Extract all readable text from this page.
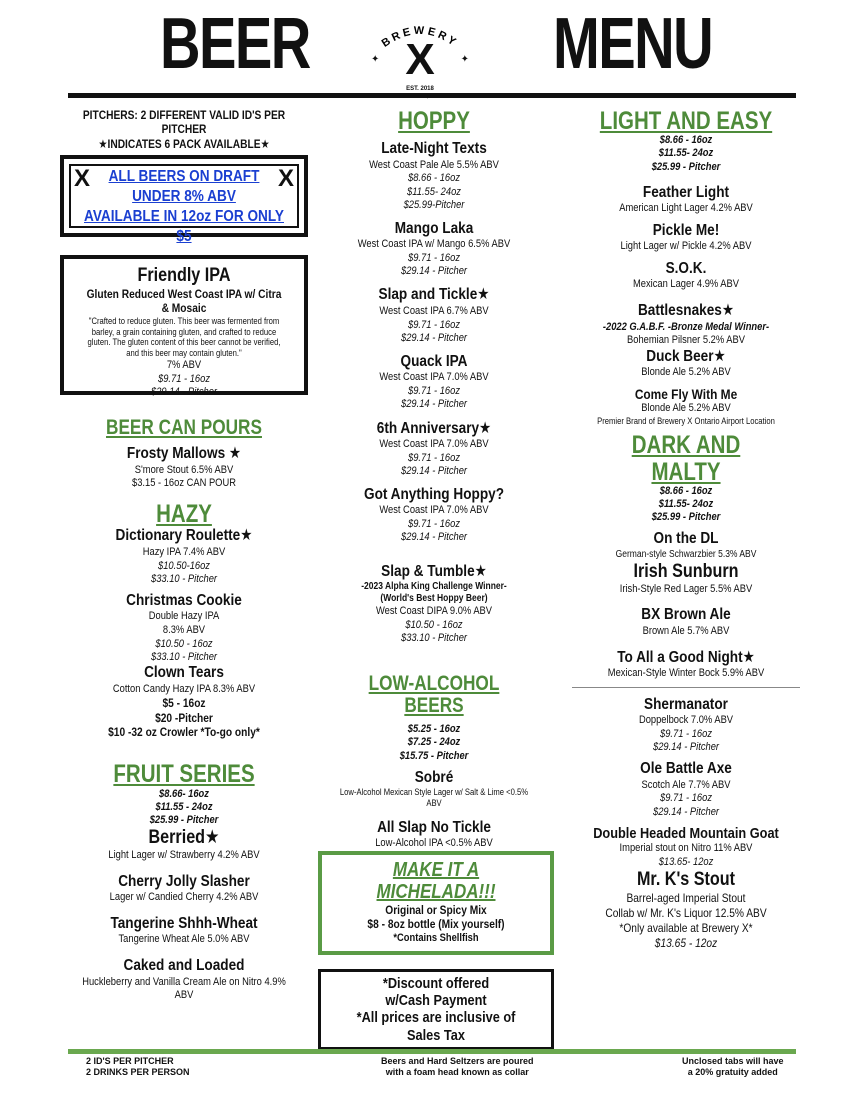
BEER	BREWERY
✦	✦
X
EST. 2018
MENU
PITCHERS: 2 DIFFERENT VALID ID'S PER PITCHER
★INDICATES 6 PACK AVAILABLE★
X	X
ALL BEERS ON DRAFT
UNDER 8% ABV
AVAILABLE IN 12oz FOR ONLY $5
Friendly IPA
Gluten Reduced West Coast IPA w/ Citra & Mosaic
"Crafted to reduce gluten. This beer was fermented from barley, a grain containing gluten, and crafted to reduce gluten. The gluten content of this beer cannot be verified, and this beer may contain gluten."
7% ABV
$9.71 - 16oz
$29.14 - Pitcher
BEER CAN POURS
Frosty Mallows ★
S'more Stout 6.5% ABV
$3.15 - 16oz CAN POUR
HAZY
Dictionary Roulette★
Hazy IPA 7.4% ABV
$10.50-16oz
$33.10 - Pitcher
Christmas Cookie
Double Hazy IPA
8.3% ABV
$10.50 - 16oz
$33.10 - Pitcher
Clown Tears
Cotton Candy Hazy IPA 8.3% ABV
$5 - 16oz
$20 -Pitcher
$10 -32 oz Crowler *To-go only*
FRUIT SERIES
$8.66- 16oz
$11.55 - 24oz
$25.99 - Pitcher
Berried★
Light Lager w/ Strawberry 4.2% ABV
Cherry Jolly Slasher
Lager w/ Candied Cherry 4.2% ABV
Tangerine Shhh-Wheat
Tangerine Wheat Ale 5.0% ABV
Caked and Loaded
Huckleberry and Vanilla Cream Ale on Nitro 4.9% ABV
HOPPY
Late-Night Texts
West Coast Pale Ale 5.5% ABV
$8.66 - 16oz
$11.55- 24oz
$25.99-Pitcher
Mango Laka
West Coast IPA w/ Mango 6.5% ABV
$9.71 - 16oz
$29.14 - Pitcher
Slap and Tickle★
West Coast IPA 6.7% ABV
$9.71 - 16oz
$29.14 - Pitcher
Quack IPA
West Coast IPA 7.0% ABV
$9.71 - 16oz
$29.14 - Pitcher
6th Anniversary★
West Coast IPA 7.0% ABV
$9.71 - 16oz
$29.14 - Pitcher
Got Anything Hoppy?
West Coast IPA 7.0% ABV
$9.71 - 16oz
$29.14 - Pitcher
Slap & Tumble★
-2023 Alpha King Challenge Winner-
(World's Best Hoppy Beer)
West Coast DIPA 9.0% ABV
$10.50 - 16oz
$33.10 - Pitcher
LOW-ALCOHOL BEERS
$5.25 - 16oz
$7.25 - 24oz
$15.75 - Pitcher
Sobré
Low-Alcohol Mexican Style Lager w/ Salt & Lime <0.5% ABV
All Slap No Tickle
Low-Alcohol IPA <0.5% ABV
MAKE IT A MICHELADA!!!
Original or Spicy Mix
$8 - 8oz bottle (Mix yourself)
*Contains Shellfish
*Discount offered
w/Cash Payment
*All prices are inclusive of Sales Tax
LIGHT AND EASY
$8.66 - 16oz
$11.55- 24oz
$25.99 - Pitcher
Feather Light
American Light Lager 4.2% ABV
Pickle Me!
Light Lager w/ Pickle 4.2% ABV
S.O.K.
Mexican Lager 4.9% ABV
Battlesnakes★
-2022 G.A.B.F. -Bronze Medal Winner-
Bohemian Pilsner 5.2% ABV
Duck Beer★
Blonde Ale 5.2% ABV
Come Fly With Me
Blonde Ale 5.2% ABV
Premier Brand of Brewery X Ontario Airport Location
DARK AND MALTY
$8.66 - 16oz
$11.55- 24oz
$25.99 - Pitcher
On the DL
German-style Schwarzbier 5.3% ABV
Irish Sunburn
Irish-Style Red Lager 5.5% ABV
BX Brown Ale
Brown Ale 5.7% ABV
To All a Good Night★
Mexican-Style Winter Bock 5.9% ABV
Shermanator
Doppelbock 7.0% ABV
$9.71 - 16oz
$29.14 - Pitcher
Ole Battle Axe
Scotch Ale 7.7% ABV
$9.71 - 16oz
$29.14 - Pitcher
Double Headed Mountain Goat
Imperial stout on Nitro 11% ABV
$13.65- 12oz
Mr. K's Stout
Barrel-aged Imperial Stout
Collab w/ Mr. K's Liquor 12.5% ABV
*Only available at Brewery X*
$13.65 - 12oz
2 ID'S PER PITCHER
2 DRINKS PER PERSON
Beers and Hard Seltzers are poured
with a foam head known as collar
Unclosed tabs will have
a 20% gratuity added
